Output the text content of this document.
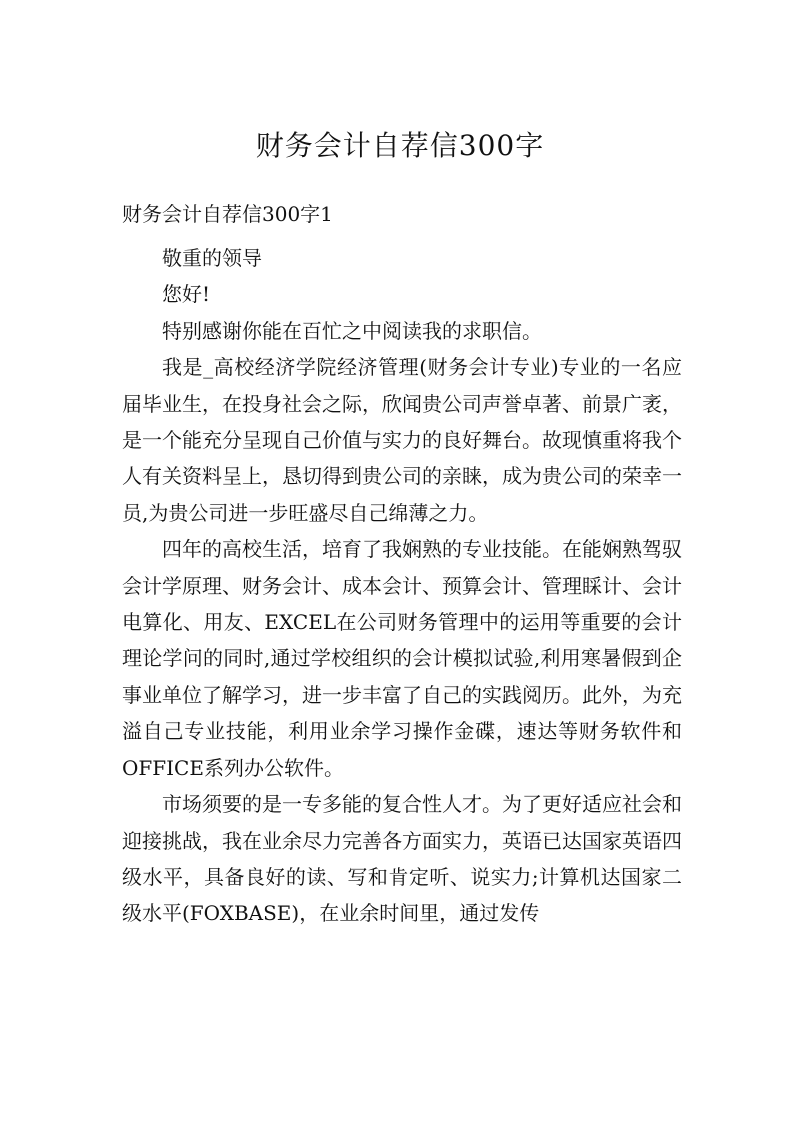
财务会计自荐信300字
财务会计自荐信300字1

敬重的领导

您好!

特别感谢你能在百忙之中阅读我的求职信。

我是_高校经济学院经济管理(财务会计专业)专业的一名应届毕业生，在投身社会之际，欣闻贵公司声誉卓著、前景广袤，是一个能充分呈现自己价值与实力的良好舞台。故现慎重将我个人有关资料呈上，恳切得到贵公司的亲睐，成为贵公司的荣幸一员,为贵公司进一步旺盛尽自己绵薄之力。

四年的高校生活，培育了我娴熟的专业技能。在能娴熟驾驭会计学原理、财务会计、成本会计、预算会计、管理睬计、会计电算化、用友、EXCEL在公司财务管理中的运用等重要的会计理论学问的同时,通过学校组织的会计模拟试验,利用寒暑假到企事业单位了解学习，进一步丰富了自己的实践阅历。此外，为充溢自己专业技能，利用业余学习操作金碟，速达等财务软件和OFFICE系列办公软件。

市场须要的是一专多能的复合性人才。为了更好适应社会和迎接挑战，我在业余尽力完善各方面实力，英语已达国家英语四级水平，具备良好的读、写和肯定听、说实力;计算机达国家二级水平(FOXBASE)，在业余时间里，通过发传
